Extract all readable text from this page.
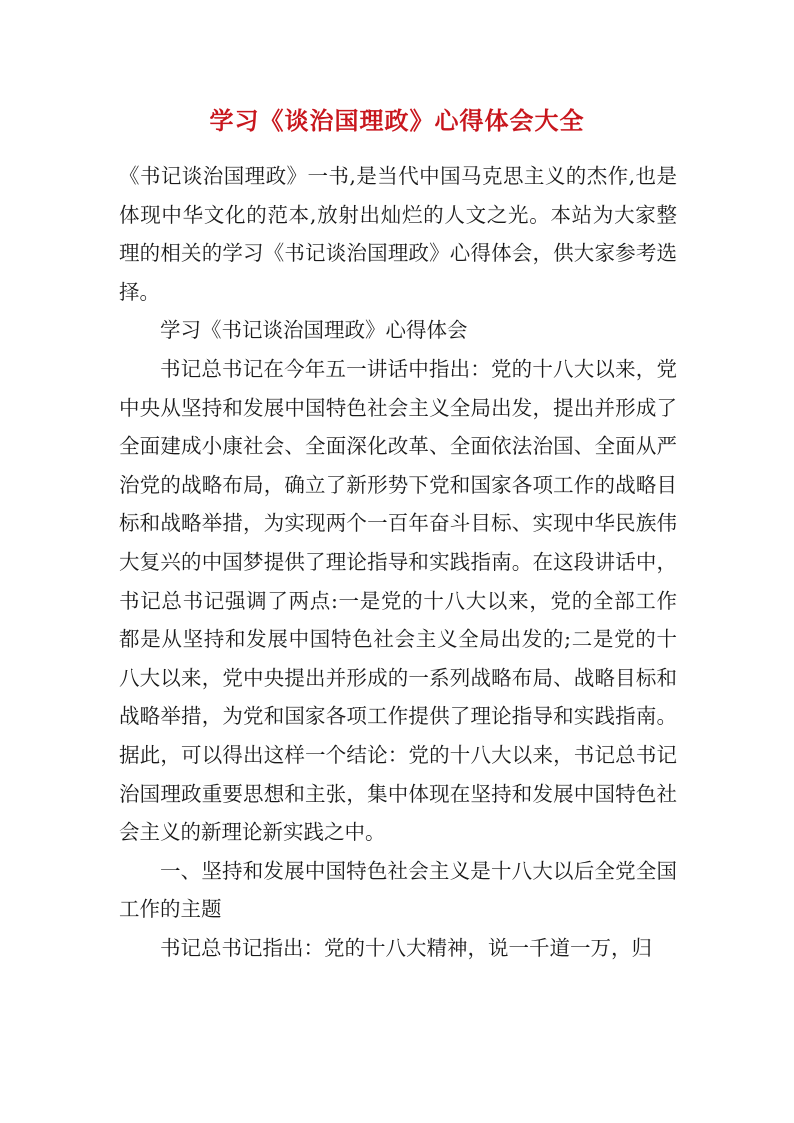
学习《谈治国理政》心得体会大全

《书记谈治国理政》一书,是当代中国马克思主义的杰作,也是体现中华文化的范本,放射出灿烂的人文之光。本站为大家整理的相关的学习《书记谈治国理政》心得体会，供大家参考选择。

学习《书记谈治国理政》心得体会

书记总书记在今年五一讲话中指出：党的十八大以来，党中央从坚持和发展中国特色社会主义全局出发，提出并形成了全面建成小康社会、全面深化改革、全面依法治国、全面从严治党的战略布局，确立了新形势下党和国家各项工作的战略目标和战略举措，为实现两个一百年奋斗目标、实现中华民族伟大复兴的中国梦提供了理论指导和实践指南。在这段讲话中，书记总书记强调了两点:一是党的十八大以来，党的全部工作都是从坚持和发展中国特色社会主义全局出发的;二是党的十八大以来，党中央提出并形成的一系列战略布局、战略目标和战略举措，为党和国家各项工作提供了理论指导和实践指南。据此，可以得出这样一个结论：党的十八大以来，书记总书记治国理政重要思想和主张，集中体现在坚持和发展中国特色社会主义的新理论新实践之中。

一、坚持和发展中国特色社会主义是十八大以后全党全国工作的主题

书记总书记指出：党的十八大精神，说一千道一万，归
